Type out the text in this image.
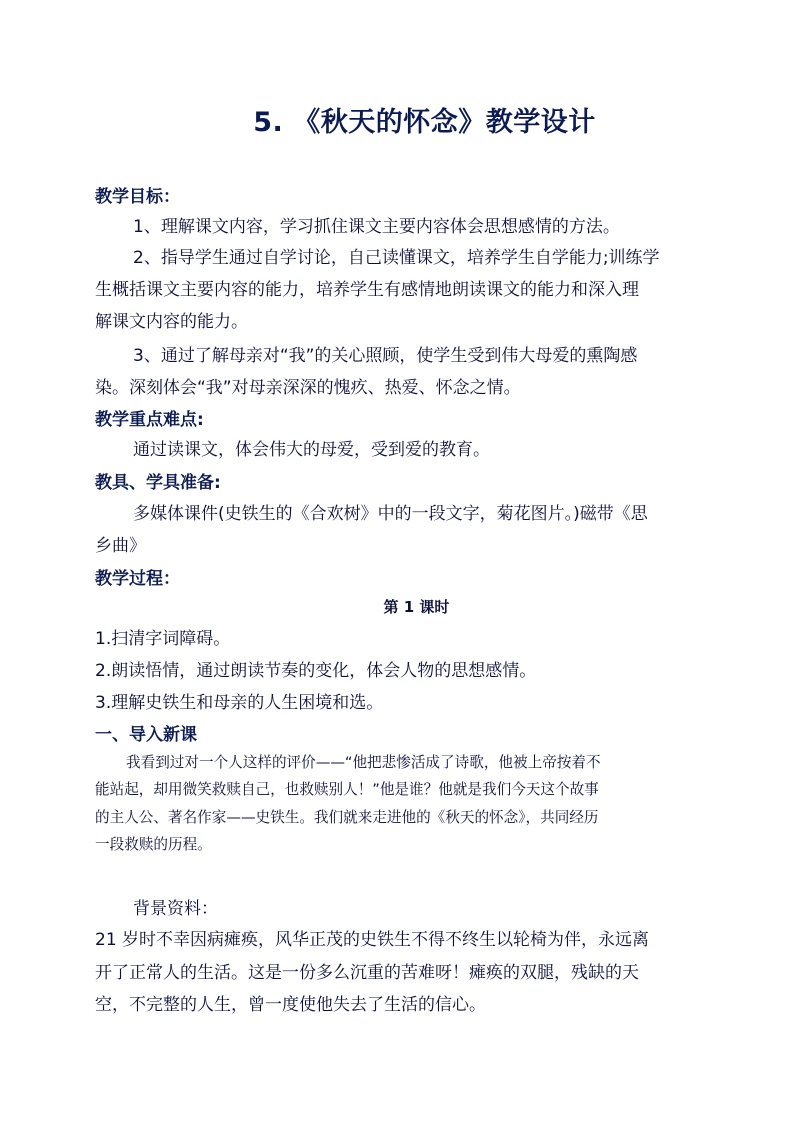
5. 《秋天的怀念》教学设计
教学目标：
1、理解课文内容，学习抓住课文主要内容体会思想感情的方法。
2、指导学生通过自学讨论，自己读懂课文，培养学生自学能力;训练学
生概括课文主要内容的能力，培养学生有感情地朗读课文的能力和深入理
解课文内容的能力。
3、通过了解母亲对“我”的关心照顾，使学生受到伟大母爱的熏陶感
染。深刻体会“我”对母亲深深的愧疚、热爱、怀念之情。
教学重点难点:
通过读课文，体会伟大的母爱，受到爱的教育。
教具、学具准备:
多媒体课件(史铁生的《合欢树》中的一段文字，菊花图片。)磁带《思
乡曲》
教学过程：
第 1 课时
1.扫清字词障碍。
2.朗读悟情，通过朗读节奏的变化，体会人物的思想感情。
3.理解史铁生和母亲的人生困境和选。
一、导入新课
我看到过对一个人这样的评价——“他把悲惨活成了诗歌，他被上帝按着不
能站起，却用微笑救赎自己，也救赎别人！”他是谁？他就是我们今天这个故事
的主人公、著名作家——史铁生。我们就来走进他的《秋天的怀念》，共同经历
一段救赎的历程。
背景资料：
21 岁时不幸因病瘫痪，风华正茂的史铁生不得不终生以轮椅为伴，永远离
开了正常人的生活。这是一份多么沉重的苦难呀！瘫痪的双腿，残缺的天
空，不完整的人生，曾一度使他失去了生活的信心。
